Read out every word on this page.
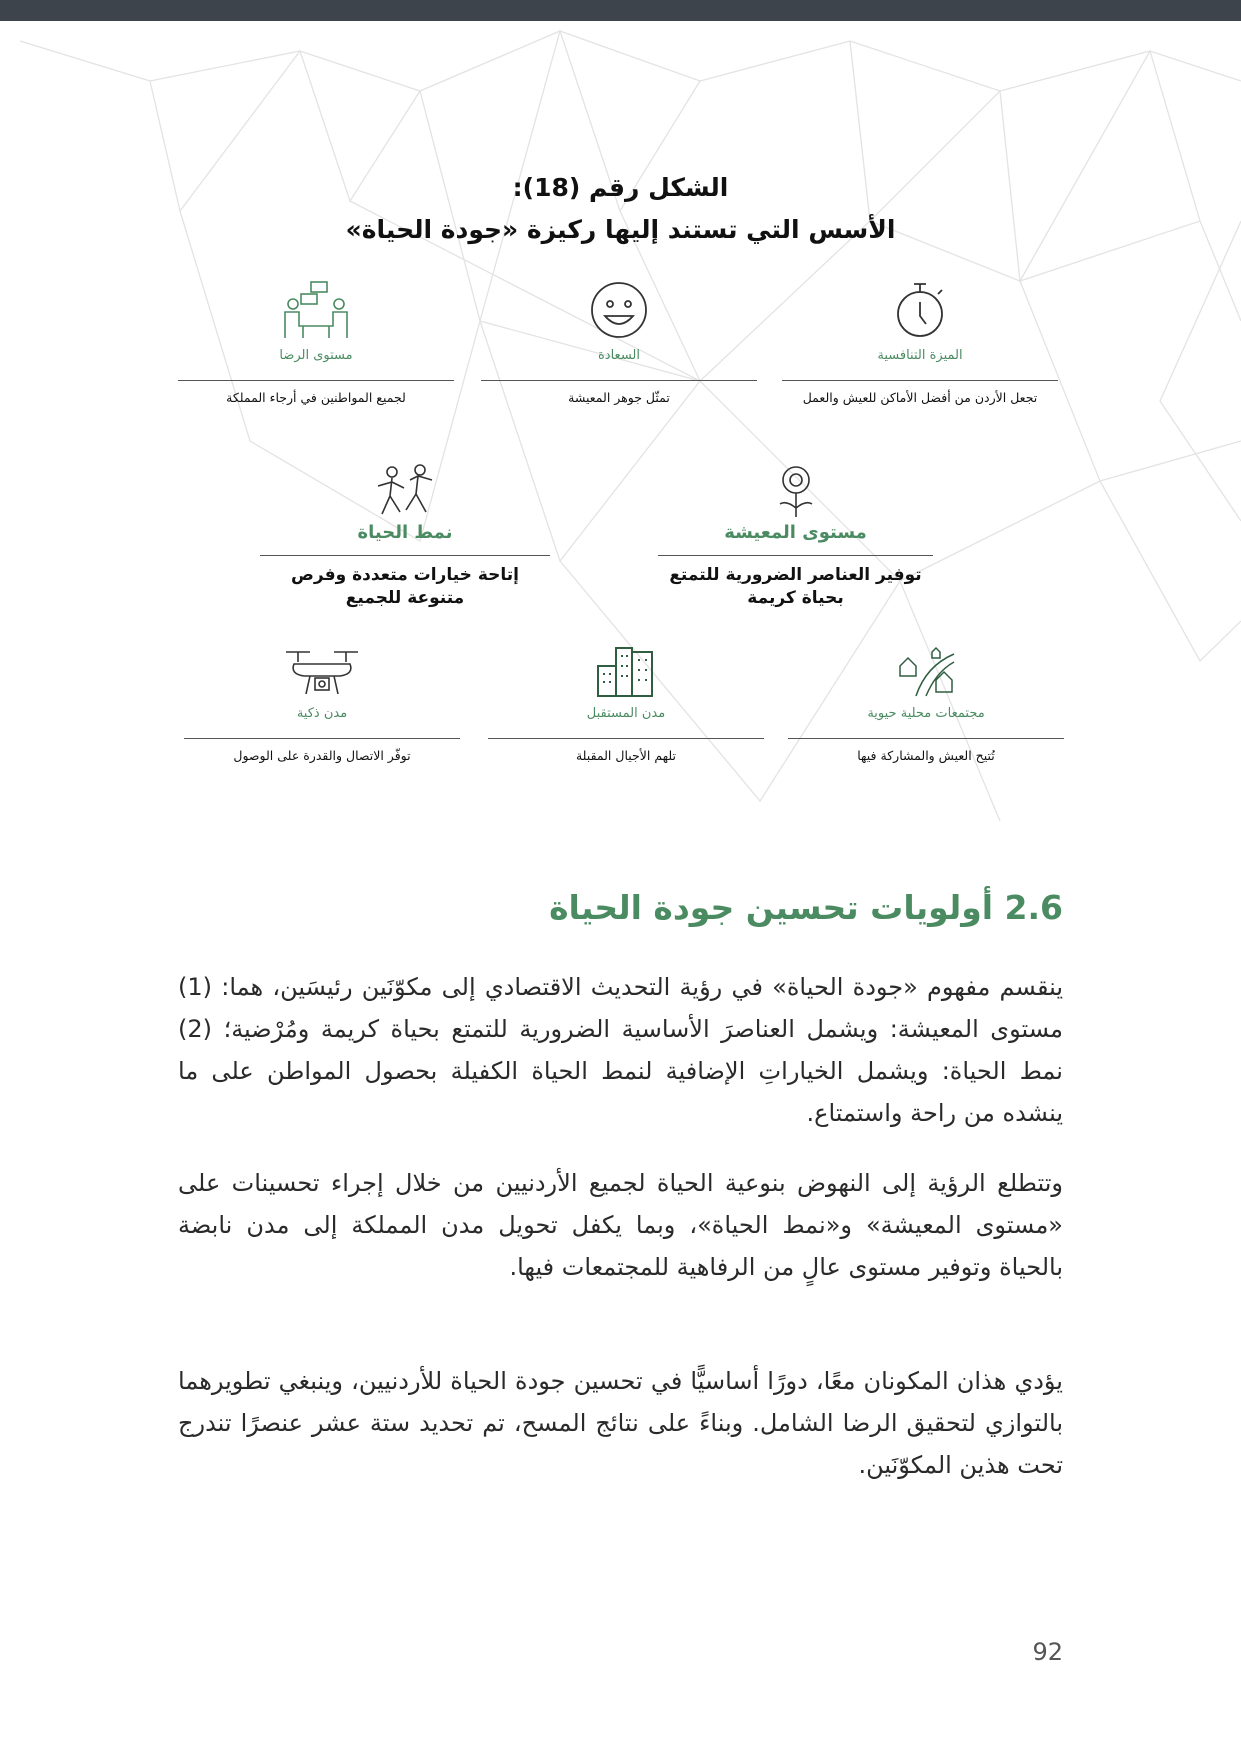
الشكل رقم (18):
الأسس التي تستند إليها ركيزة «جودة الحياة»
مستوى الرضا
لجميع المواطنين في أرجاء المملكة
السعادة
تمثّل جوهر المعيشة
الميزة التنافسية
تجعل الأردن من أفضل الأماكن للعيش والعمل
نمط الحياة
إتاحة خيارات متعددة وفرص متنوعة للجميع
مستوى المعيشة
توفير العناصر الضرورية للتمتع بحياة كريمة
مدن ذكية
توفّر الاتصال والقدرة على الوصول
مدن المستقبل
تلهم الأجيال المقبلة
مجتمعات محلية حيوية
تُتيح العيش والمشاركة فيها
2.6 أولويات تحسين جودة الحياة
ينقسم مفهوم «جودة الحياة» في رؤية التحديث الاقتصادي إلى مكوّنَين رئيسَين، هما: (1) مستوى المعيشة: ويشمل العناصرَ الأساسية الضرورية للتمتع بحياة كريمة ومُرْضية؛ (2) نمط الحياة: ويشمل الخياراتِ الإضافية لنمط الحياة الكفيلة بحصول المواطن على ما ينشده من راحة واستمتاع.
وتتطلع الرؤية إلى النهوض بنوعية الحياة لجميع الأردنيين من خلال إجراء تحسينات على «مستوى المعيشة» و«نمط الحياة»، وبما يكفل تحويل مدن المملكة إلى مدن نابضة بالحياة وتوفير مستوى عالٍ من الرفاهية للمجتمعات فيها.
يؤدي هذان المكونان معًا، دورًا أساسيًّا في تحسين جودة الحياة للأردنيين، وينبغي تطويرهما بالتوازي لتحقيق الرضا الشامل. وبناءً على نتائج المسح، تم تحديد ستة عشر عنصرًا تندرج تحت هذين المكوّنَين.
92
